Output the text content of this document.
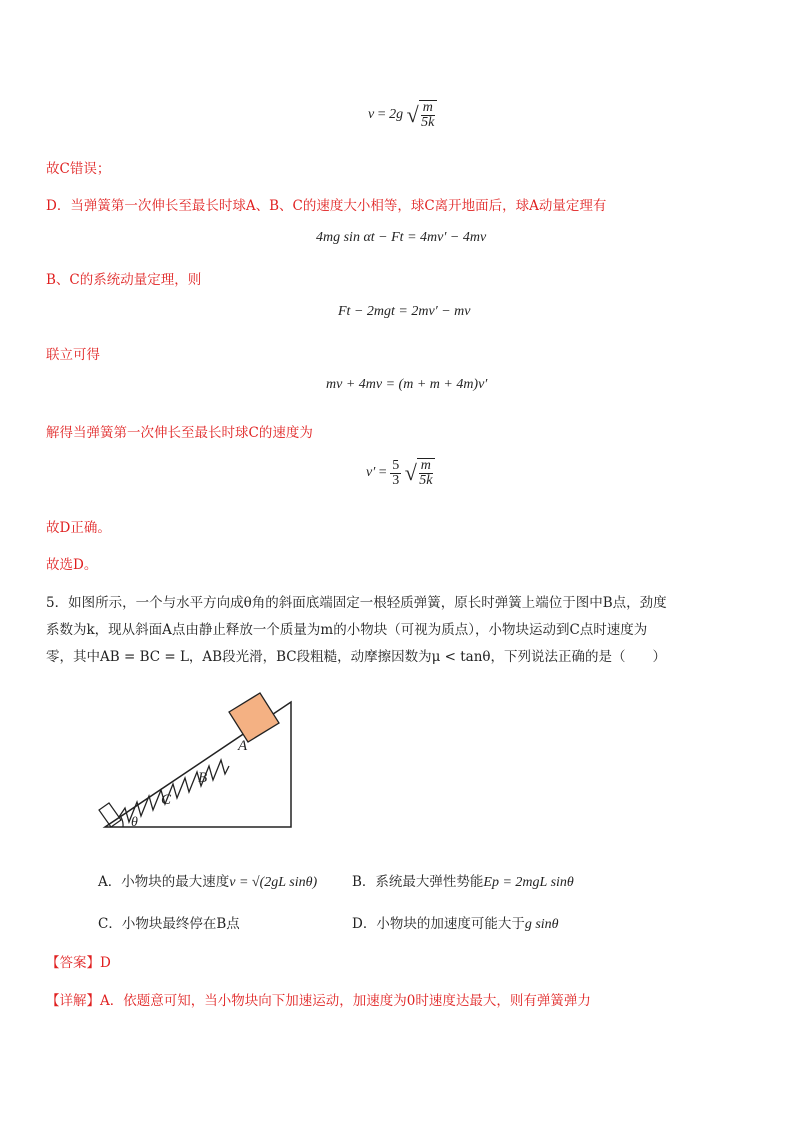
v = 2g √ $\frac{m}{5k}$
故C错误；
D．当弹簧第一次伸长至最长时球A、B、C的速度大小相等，球C离开地面后，球A动量定理有
4mg sin αt − Ft = 4mv′ − 4mv
B、C的系统动量定理，则
Ft − 2mgt = 2mv′ − mv
联立可得
mv + 4mv = (m + m + 4m)v′
解得当弹簧第一次伸长至最长时球C的速度为
$v' = \frac{5}{3}$ √ $\frac{m}{5k}$
故D正确。
故选D。
5．如图所示，一个与水平方向成θ角的斜面底端固定一根轻质弹簧，原长时弹簧上端位于图中B点，劲度
系数为k，现从斜面A点由静止释放一个质量为m的小物块（可视为质点），小物块运动到C点时速度为
零，其中AB = BC = L，AB段光滑，BC段粗糙，动摩擦因数为μ < tanθ，下列说法正确的是（　　）
A
B
C
θ
A．小物块的最大速度v = √(2gL sinθ)	B．系统最大弹性势能Ep = 2mgL sinθ
C．小物块最终停在B点	D．小物块的加速度可能大于g sinθ
【答案】D
【详解】A．依题意可知，当小物块向下加速运动，加速度为0时速度达最大，则有弹簧弹力
